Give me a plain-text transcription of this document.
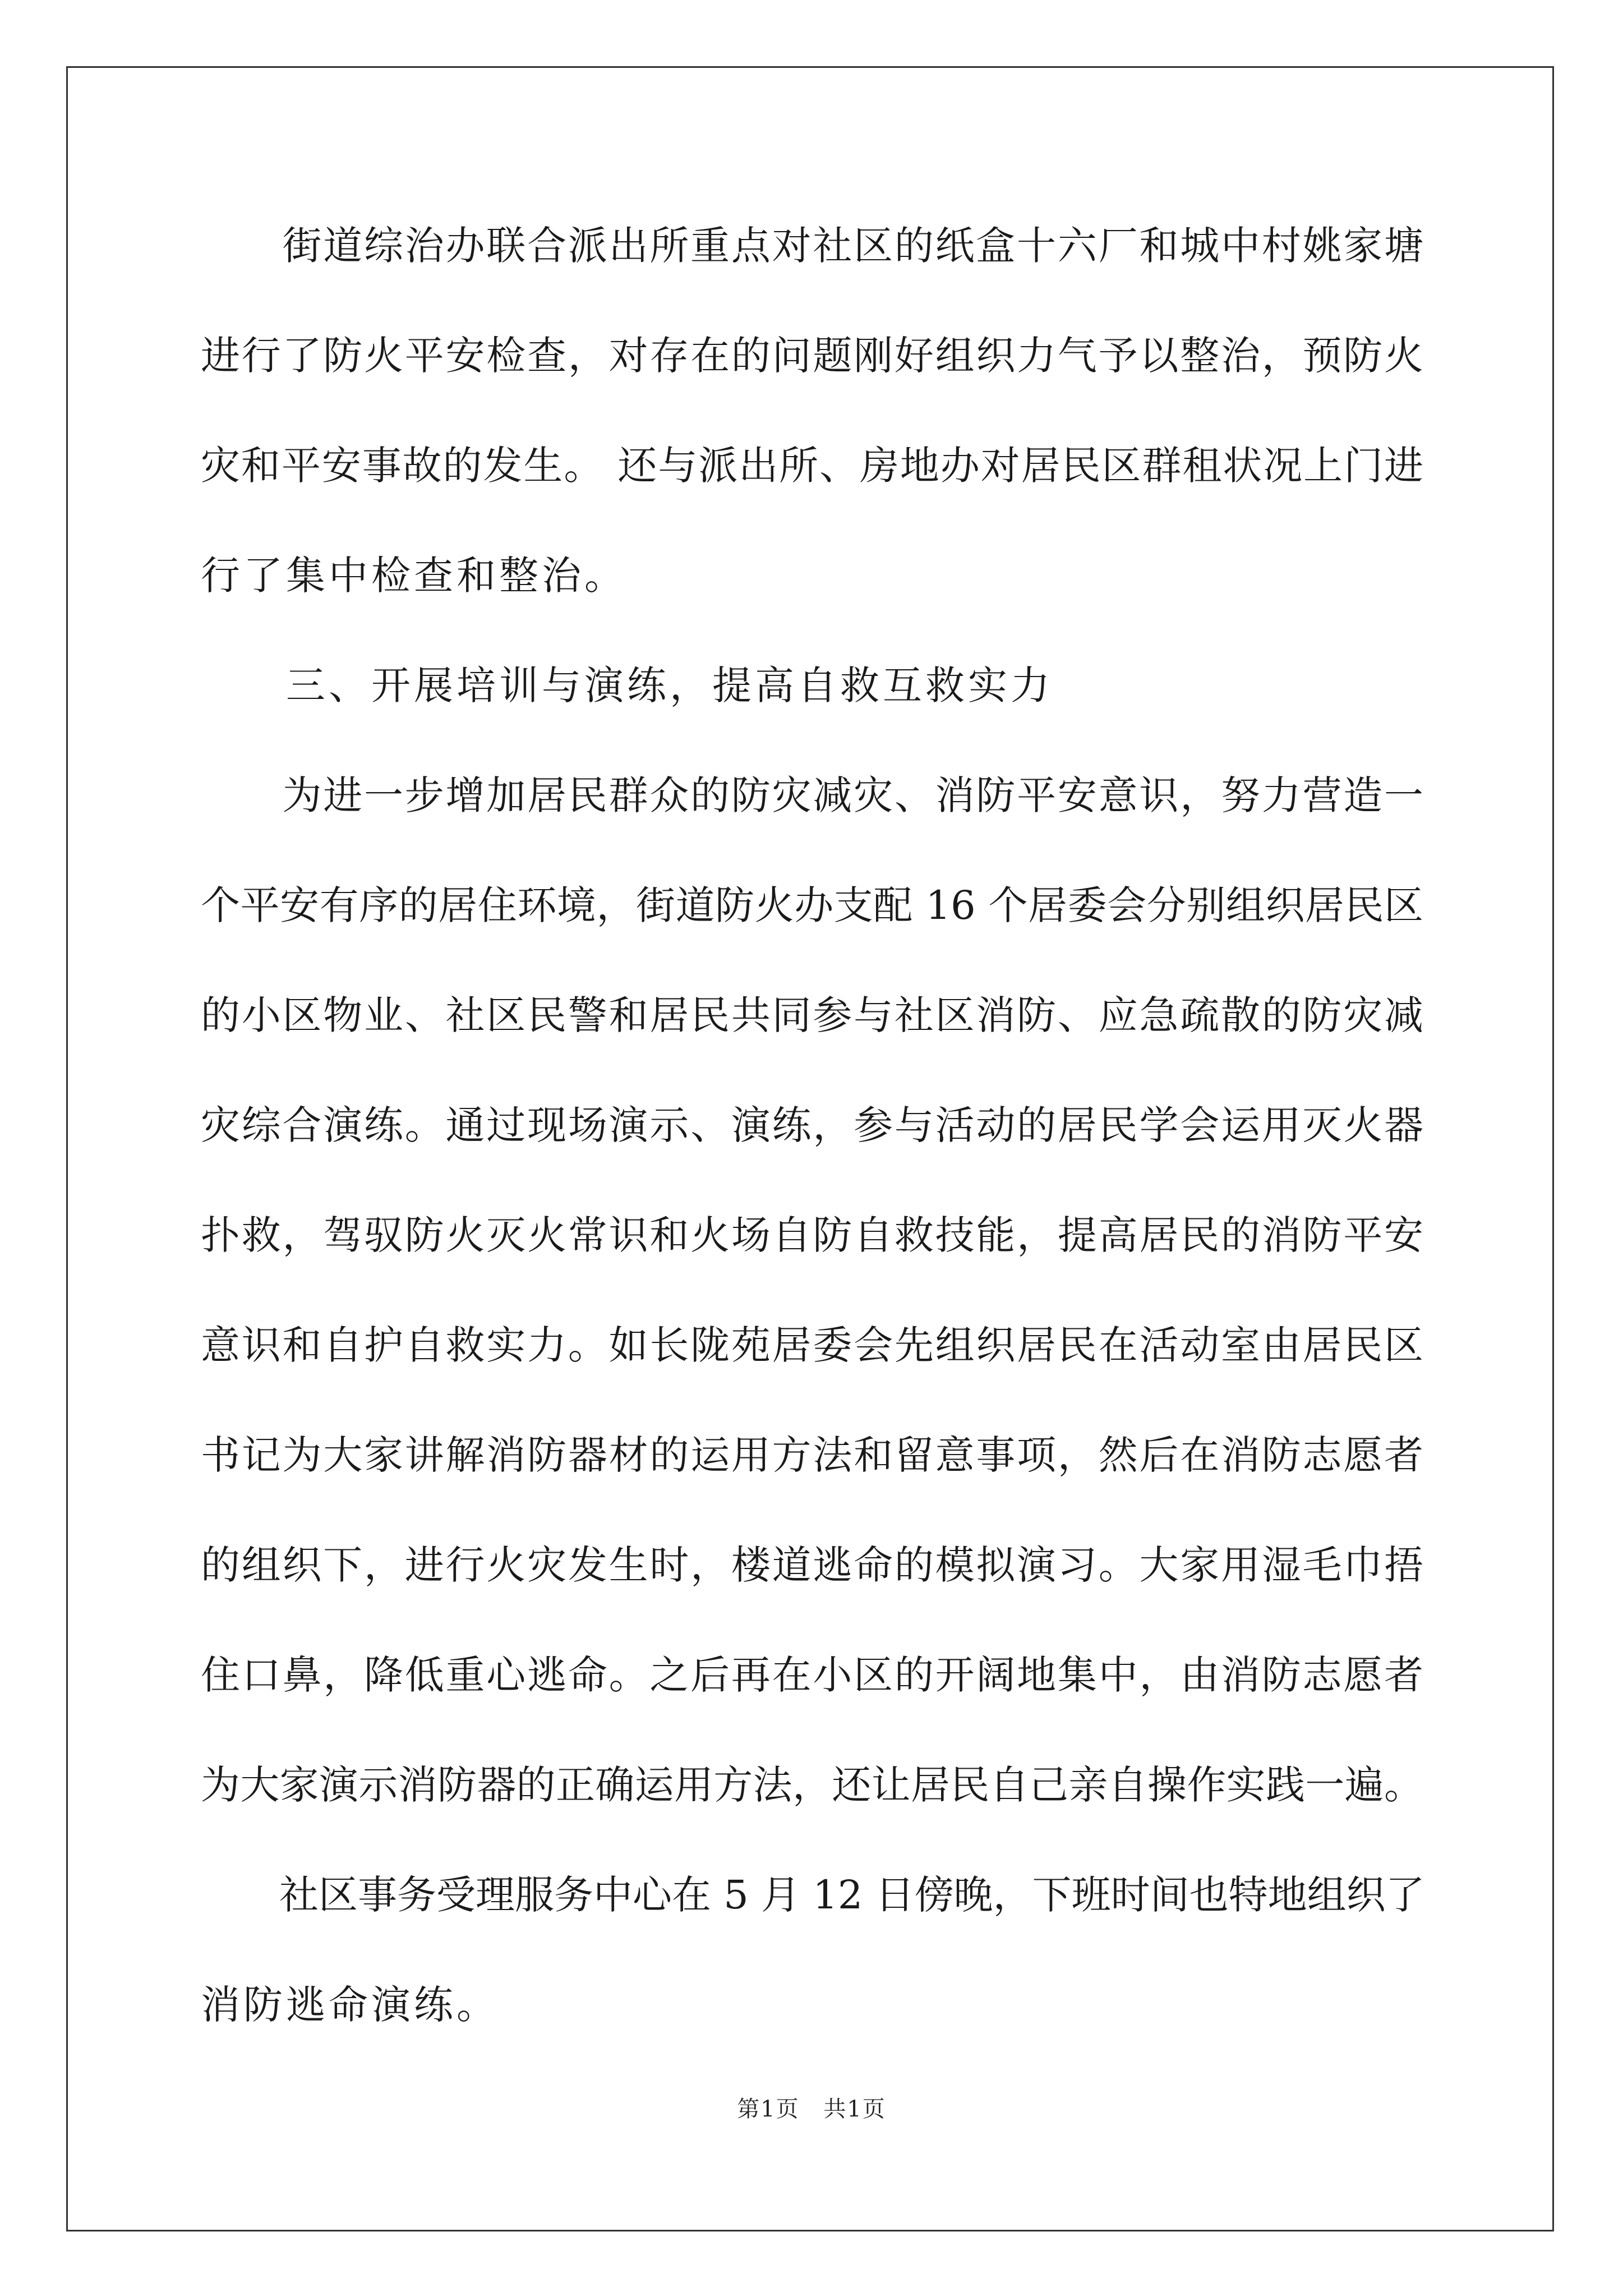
　　街道综治办联合派出所重点对社区的纸盒十六厂和城中村姚家塘
进行了防火平安检查，对存在的问题刚好组织力气予以整治，预防火
灾和平安事故的发生。 还与派出所、房地办对居民区群租状况上门进
行了集中检查和整治。
　　三、开展培训与演练，提高自救互救实力
　　为进一步增加居民群众的防灾减灾、消防平安意识，努力营造一
个平安有序的居住环境，街道防火办支配 16 个居委会分别组织居民区
的小区物业、社区民警和居民共同参与社区消防、应急疏散的防灾减
灾综合演练。通过现场演示、演练，参与活动的居民学会运用灭火器
扑救，驾驭防火灭火常识和火场自防自救技能，提高居民的消防平安
意识和自护自救实力。如长陇苑居委会先组织居民在活动室由居民区
书记为大家讲解消防器材的运用方法和留意事项，然后在消防志愿者
的组织下，进行火灾发生时，楼道逃命的模拟演习。大家用湿毛巾捂
住口鼻，降低重心逃命。之后再在小区的开阔地集中，由消防志愿者
为大家演示消防器的正确运用方法，还让居民自己亲自操作实践一遍。
　　社区事务受理服务中心在 5 月 12 日傍晚，下班时间也特地组织了
消防逃命演练。
第1页 共1页
